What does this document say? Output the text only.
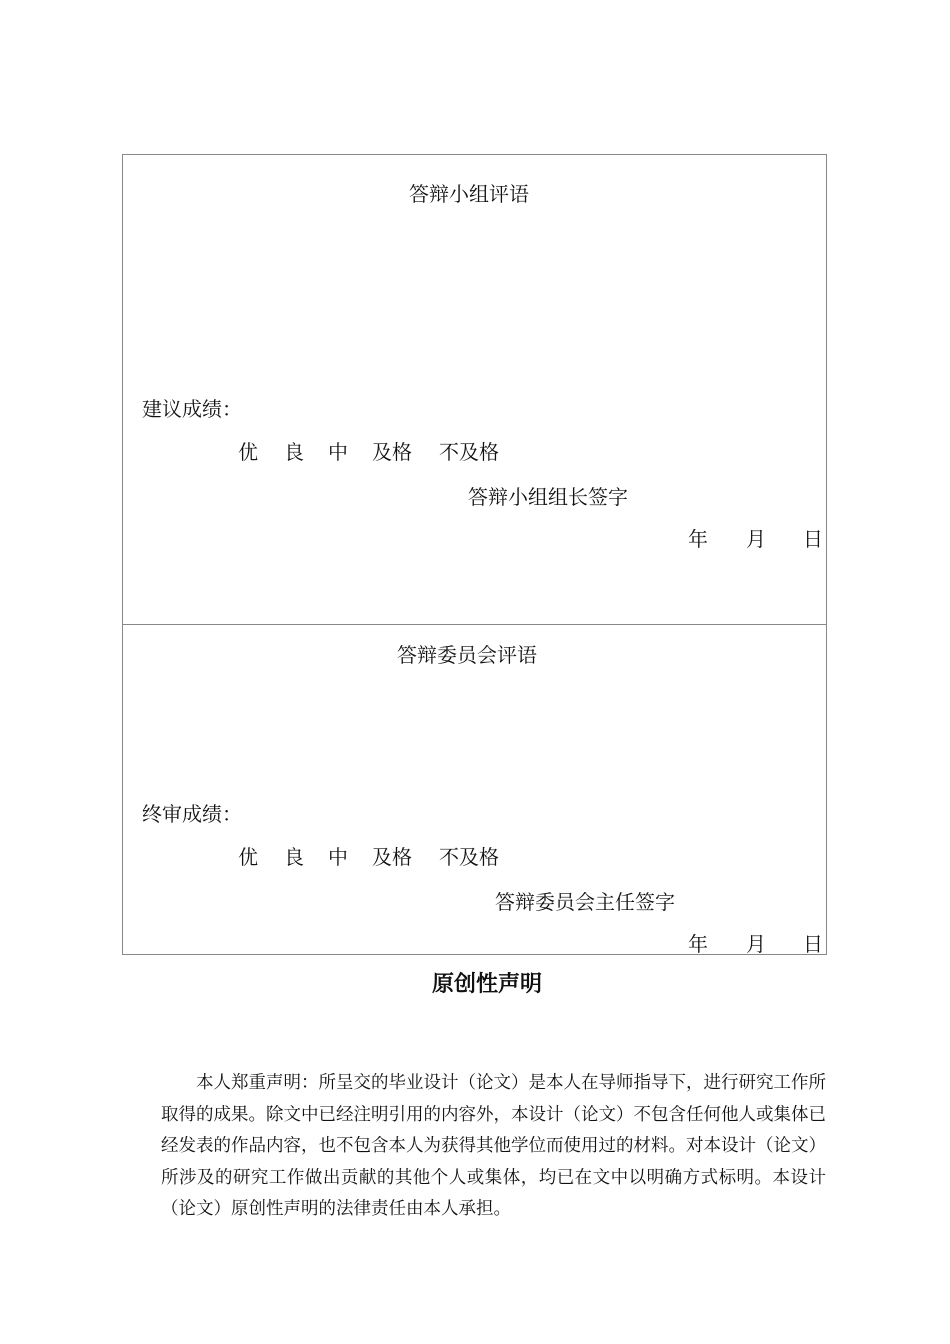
答辩小组评语
建议成绩：
优 良 中 及格 不及格
答辩小组组长签字
年 月 日
答辩委员会评语
终审成绩：
优 良 中 及格 不及格
答辩委员会主任签字
年 月 日
原创性声明
本人郑重声明：所呈交的毕业设计（论文）是本人在导师指导下，进行研究工作所取得的成果。除文中已经注明引用的内容外，本设计（论文）不包含任何他人或集体已经发表的作品内容，也不包含本人为获得其他学位而使用过的材料。对本设计（论文）所涉及的研究工作做出贡献的其他个人或集体，均已在文中以明确方式标明。本设计（论文）原创性声明的法律责任由本人承担。
